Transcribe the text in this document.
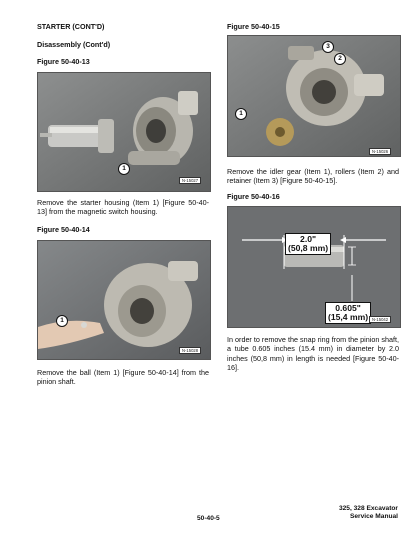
STARTER (CONT'D)
Disassembly (Cont'd)
Figure 50-40-13
1
N-15027
Remove the starter housing (Item 1) [Figure 50-40-13] from the magnetic switch housing.
Figure 50-40-14
1
N-15028
Remove the ball (Item 1) [Figure 50-40-14] from the pinion shaft.
Figure 50-40-15
3
2
1
N-15026
Remove the idler gear (Item 1), rollers (Item 2) and retainer (Item 3) [Figure 50-40-15].
Figure 50-40-16
2.0"
(50,8 mm)
0.605"
(15,4 mm) N-15042
In order to remove the snap ring from the pinion shaft, a tube 0.605 inches (15.4 mm) in diameter by 2.0 inches (50,8 mm) in length is needed [Figure 50-40-16].
50-40-5
325, 328 Excavator
Service Manual
